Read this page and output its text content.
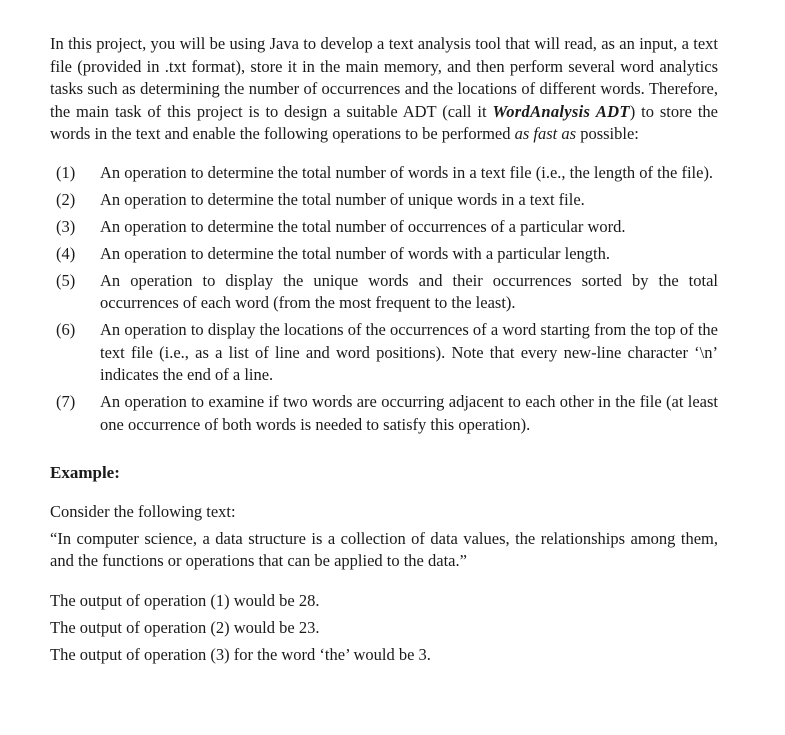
In this project, you will be using Java to develop a text analysis tool that will read, as an input, a text file (provided in .txt format), store it in the main memory, and then perform several word analytics tasks such as determining the number of occurrences and the locations of different words. Therefore, the main task of this project is to design a suitable ADT (call it WordAnalysis ADT) to store the words in the text and enable the following operations to be performed as fast as possible:

(1)	An operation to determine the total number of words in a text file (i.e., the length of the file).
(2)	An operation to determine the total number of unique words in a text file.
(3)	An operation to determine the total number of occurrences of a particular word.
(4)	An operation to determine the total number of words with a particular length.
(5)	An operation to display the unique words and their occurrences sorted by the total occurrences of each word (from the most frequent to the least).
(6)	An operation to display the locations of the occurrences of a word starting from the top of the text file (i.e., as a list of line and word positions). Note that every new-line character ‘\n’ indicates the end of a line.
(7)	An operation to examine if two words are occurring adjacent to each other in the file (at least one occurrence of both words is needed to satisfy this operation).
Example:

Consider the following text:

“In computer science, a data structure is a collection of data values, the relationships among them, and the functions or operations that can be applied to the data.”

The output of operation (1) would be 28.
The output of operation (2) would be 23.
The output of operation (3) for the word ‘the’ would be 3.
